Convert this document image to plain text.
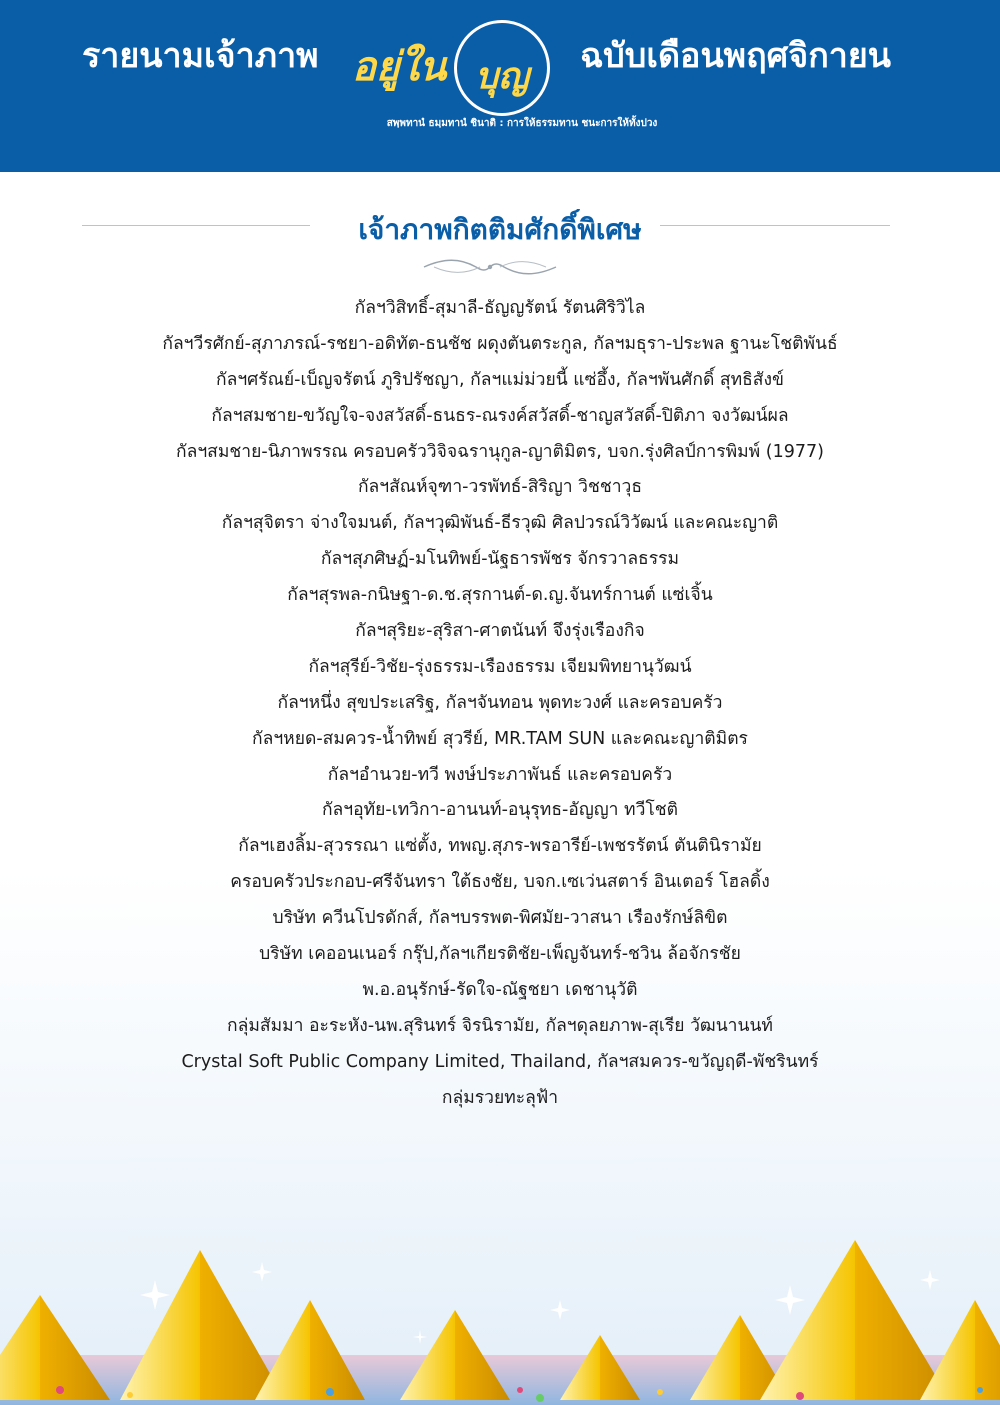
รายนามเจ้าภาพ อยู่ใน บุญ	ฉบับเดือนพฤศจิกายน
สพฺพทานํ ธมฺมทานํ ชินาติ : การให้ธรรมทาน ชนะการให้ทั้งปวง
เจ้าภาพกิตติมศักดิ์พิเศษ
กัลฯวิสิทธิ์-สุมาลี-ธัญญรัตน์ รัตนศิริวิไล
กัลฯวีรศักย์-สุภาภรณ์-รชยา-อดิทัต-ธนชัช ผดุงตันตระกูล, กัลฯมธุรา-ประพล ฐานะโชติพันธ์
กัลฯศรัณย์-เบ็ญจรัตน์ ภูริปรัชญา, กัลฯแม่ม่วยนี้ แซ่อึ้ง, กัลฯพันศักดิ์ สุทธิสังข์
กัลฯสมชาย-ขวัญใจ-จงสวัสดิ์-ธนธร-ณรงค์สวัสดิ์-ชาญสวัสดิ์-ปิติภา จงวัฒน์ผล
กัลฯสมชาย-นิภาพรรณ ครอบครัววิจิจฉรานุกูล-ญาติมิตร, บจก.รุ่งศิลป์การพิมพ์ (1977)
กัลฯสัณห์จุฑา-วรพัทธ์-สิริญา วิชชาวุธ
กัลฯสุจิตรา จ่างใจมนต์, กัลฯวุฒิพันธ์-ธีรวุฒิ ศิลปวรณ์วิวัฒน์ และคณะญาติ
กัลฯสุภศิษฏ์-มโนทิพย์-นัฐธารพัชร จักรวาลธรรม
กัลฯสุรพล-กนิษฐา-ด.ช.สุรกานต์-ด.ญ.จันทร์กานต์ แซ่เจิ้น
กัลฯสุริยะ-สุริสา-ศาตนันท์ จึงรุ่งเรืองกิจ
กัลฯสุรีย์-วิชัย-รุ่งธรรม-เรืองธรรม เจียมพิทยานุวัฒน์
กัลฯหนึ่ง สุขประเสริฐ, กัลฯจันทอน พุดทะวงศ์ และครอบครัว
กัลฯหยด-สมควร-น้ำทิพย์ สุวรีย์, MR.TAM SUN และคณะญาติมิตร
กัลฯอำนวย-ทวี พงษ์ประภาพันธ์ และครอบครัว
กัลฯอุทัย-เทวิกา-อานนท์-อนุรุทธ-อัญญา ทวีโชติ
กัลฯเฮงลิ้ม-สุวรรณา แซ่ตั้ง, ทพญ.สุภร-พรอารีย์-เพชรรัตน์ ตันตินิรามัย
ครอบครัวประกอบ-ศรีจันทรา ใต้ธงชัย, บจก.เซเว่นสตาร์ อินเตอร์ โฮลดิ้ง
บริษัท ควีนโปรดักส์, กัลฯบรรพต-พิศมัย-วาสนา เรืองรักษ์ลิขิต
บริษัท เคออนเนอร์ กรุ๊ป,กัลฯเกียรติชัย-เพ็ญจันทร์-ชวิน ล้อจักรชัย
พ.อ.อนุรักษ์-รัดใจ-ณัฐชยา เดชานุวัติ
กลุ่มสัมมา อะระหัง-นพ.สุรินทร์ จิรนิรามัย, กัลฯดุลยภาพ-สุเรีย วัฒนานนท์
Crystal Soft Public Company Limited, Thailand, กัลฯสมควร-ขวัญฤดี-พัชรินทร์
กลุ่มรวยทะลุฟ้า
